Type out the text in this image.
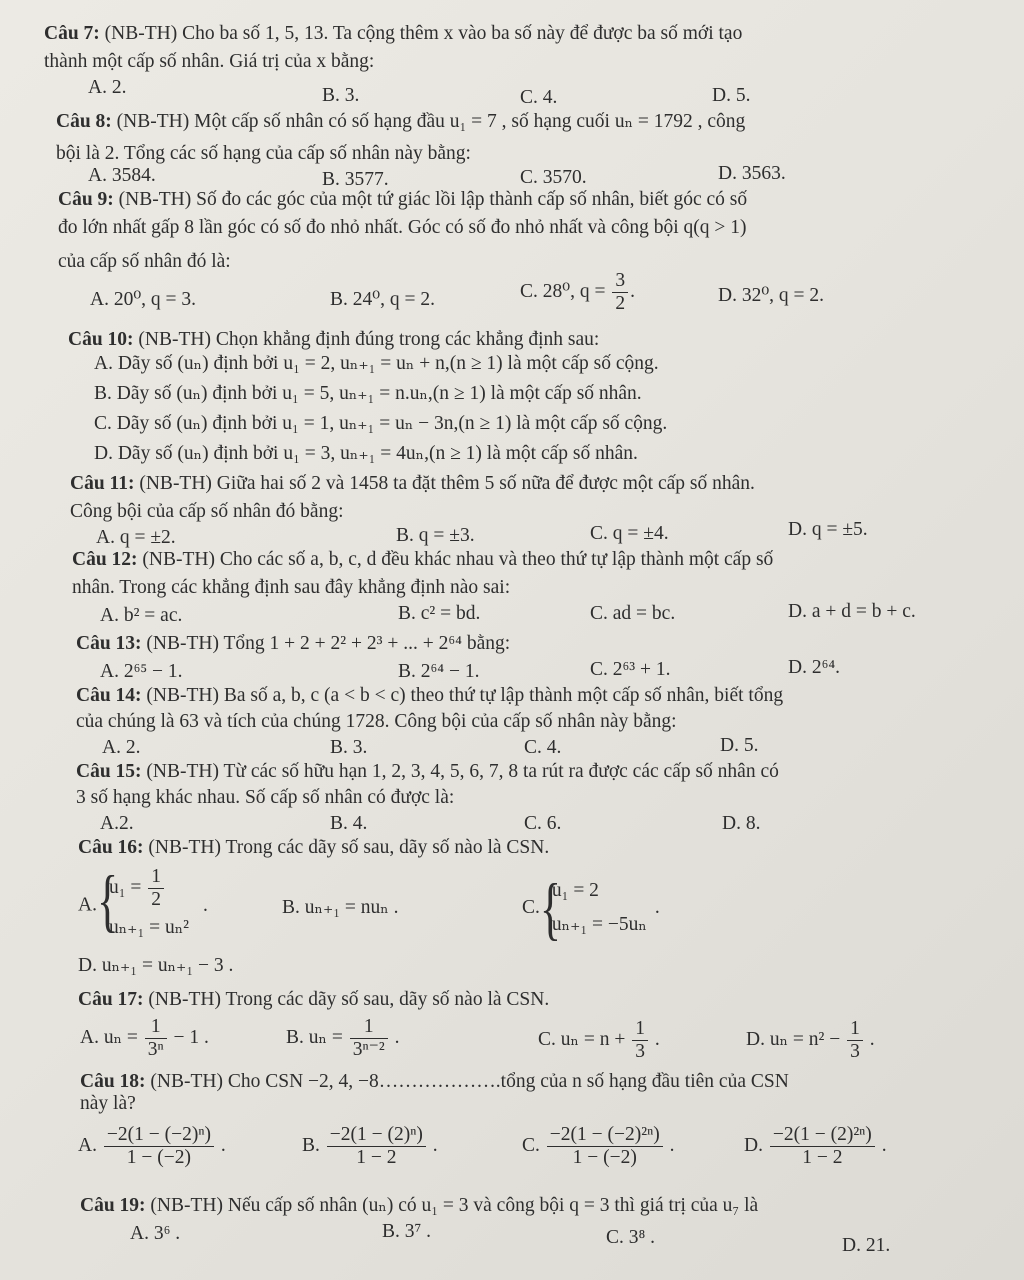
Câu 7: (NB-TH) Cho ba số 1, 5, 13. Ta cộng thêm x vào ba số này để được ba số mới tạo
thành một cấp số nhân. Giá trị của x bằng:
A. 2.	B. 3.	C. 4.	D. 5.
Câu 8: (NB-TH) Một cấp số nhân có số hạng đầu u₁ = 7 , số hạng cuối uₙ = 1792 , công
bội là 2. Tổng các số hạng của cấp số nhân này bằng:
A. 3584.	B. 3577.	C. 3570.	D. 3563.
Câu 9: (NB-TH) Số đo các góc của một tứ giác lồi lập thành cấp số nhân, biết góc có số
đo lớn nhất gấp 8 lần góc có số đo nhỏ nhất. Góc có số đo nhỏ nhất và công bội q(q > 1)
của cấp số nhân đó là:
A. 20⁰, q = 3.	B. 24⁰, q = 2.	C. 28⁰, $q = \frac{3}{2}$ .	D. 32⁰, q = 2.
Câu 10: (NB-TH) Chọn khẳng định đúng trong các khẳng định sau:
A. Dãy số (uₙ) định bởi u₁ = 2, uₙ₊₁ = uₙ + n,(n ≥ 1) là một cấp số cộng.
B. Dãy số (uₙ) định bởi u₁ = 5, uₙ₊₁ = n.uₙ,(n ≥ 1) là một cấp số nhân.
C. Dãy số (uₙ) định bởi u₁ = 1, uₙ₊₁ = uₙ − 3n,(n ≥ 1) là một cấp số cộng.
D. Dãy số (uₙ) định bởi u₁ = 3, uₙ₊₁ = 4uₙ,(n ≥ 1) là một cấp số nhân.
Câu 11: (NB-TH) Giữa hai số 2 và 1458 ta đặt thêm 5 số nữa để được một cấp số nhân.
Công bội của cấp số nhân đó bằng:
A. q = ±2.	B. q = ±3.	C. q = ±4.	D. q = ±5.
Câu 12: (NB-TH) Cho các số a, b, c, d đều khác nhau và theo thứ tự lập thành một cấp số
nhân. Trong các khẳng định sau đây khẳng định nào sai:
A. b² = ac.	B. c² = bd.	C. ad = bc.	D. a + d = b + c.
Câu 13: (NB-TH) Tổng 1 + 2 + 2² + 2³ + ... + 2⁶⁴ bằng:
A. 2⁶⁵ − 1.	B. 2⁶⁴ − 1.	C. 2⁶³ + 1.	D. 2⁶⁴.
Câu 14: (NB-TH) Ba số a, b, c (a < b < c) theo thứ tự lập thành một cấp số nhân, biết tổng
của chúng là 63 và tích của chúng 1728. Công bội của cấp số nhân này bằng:
A. 2.	B. 3.	C. 4.	D. 5.
Câu 15: (NB-TH) Từ các số hữu hạn 1, 2, 3, 4, 5, 6, 7, 8 ta rút ra được các cấp số nhân có
3 số hạng khác nhau. Số cấp số nhân có được là:
A.2.	B. 4.	C. 6.	D. 8.
Câu 16: (NB-TH) Trong các dãy số sau, dãy số nào là CSN.
A. {
$u_1 = \frac{1}{2}$
uₙ₊₁ = uₙ²
.	B. uₙ₊₁ = nuₙ .	C. {
u₁ = 2
uₙ₊₁ = −5uₙ
.
D. uₙ₊₁ = uₙ₊₁ − 3 .
Câu 17: (NB-TH) Trong các dãy số sau, dãy số nào là CSN.
A. $u_n = \frac{1}{\text{3ⁿ}} - 1$ .	B. $u_n = \frac{1}{\text{3ⁿ⁻²}}$ .	C. $u_n = n + \frac{1}{3}$ .	D. $u_n = n^2 - \frac{1}{3}$ .
Câu 18: (NB-TH) Cho CSN −2, 4, −8……………….tổng của n số hạng đầu tiên của CSN
này là?
A. $\frac{\text{−2(1 − (−2)ⁿ)}}{1 - (-2)}$ .	B. $\frac{\text{−2(1 − (2)ⁿ)}}{1 - 2}$ .	C. $\frac{\text{−2(1 − (−2)²ⁿ)}}{1 - (-2)}$ .	D. $\frac{\text{−2(1 − (2)²ⁿ)}}{1 - 2}$ .
Câu 19: (NB-TH) Nếu cấp số nhân (uₙ) có u₁ = 3 và công bội q = 3 thì giá trị của u₇ là
A. 3⁶ .	B. 3⁷ .	C. 3⁸ .	D. 21.
